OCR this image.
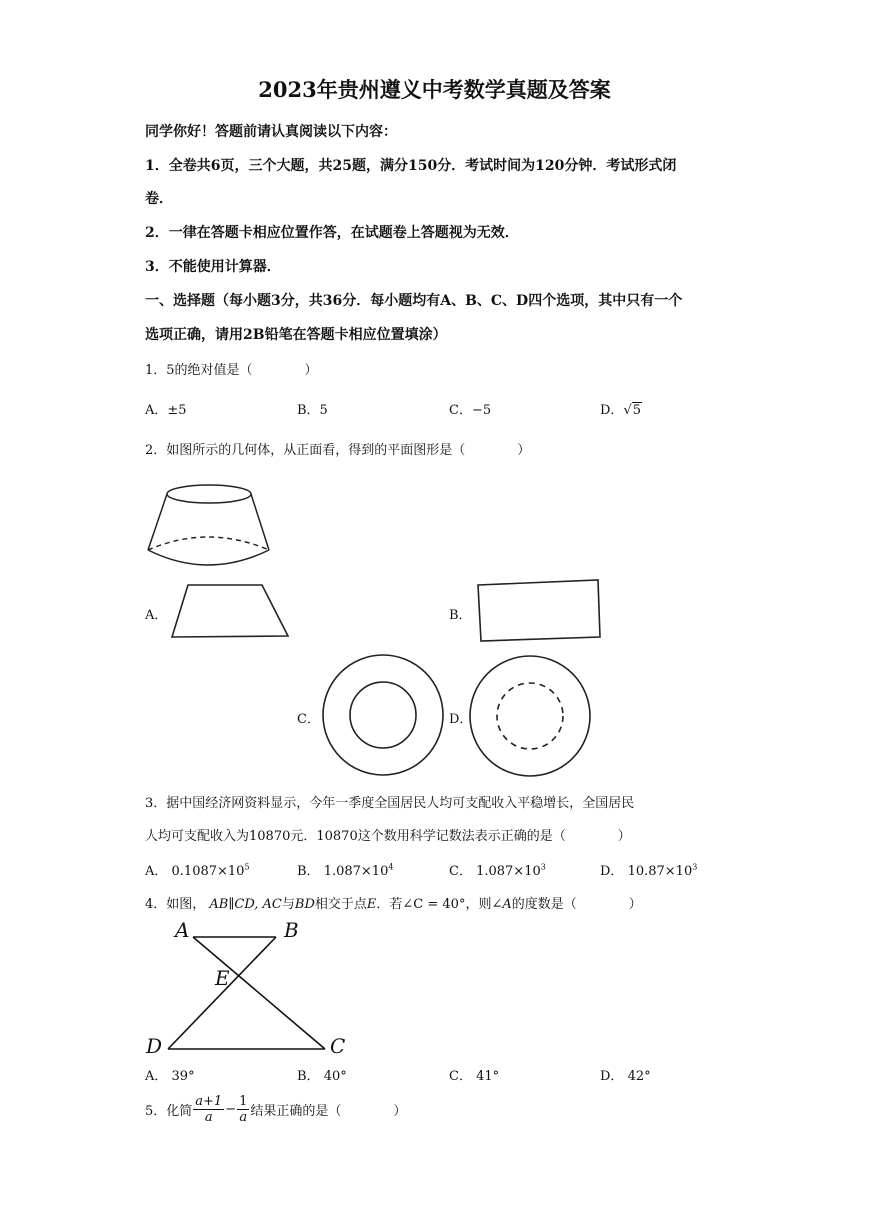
2023年贵州遵义中考数学真题及答案
同学你好！答题前请认真阅读以下内容：
1．全卷共6页，三个大题，共25题，满分150分．考试时间为120分钟．考试形式闭
卷．
2．一律在答题卡相应位置作答，在试题卷上答题视为无效．
3．不能使用计算器．
一、选择题（每小题3分，共36分．每小题均有A、B、C、D四个选项，其中只有一个
选项正确，请用2B铅笔在答题卡相应位置填涂）
1．5的绝对值是（　　　　）
A．±5	B．5	C．−5	D．√5
2．如图所示的几何体，从正面看，得到的平面图形是（　　　　）
A．	B．
C．	D．
3．据中国经济网资料显示，今年一季度全国居民人均可支配收入平稳增长，全国居民
人均可支配收入为10870元．10870这个数用科学记数法表示正确的是（　　　　）
A． $0.1087\times 10^5$	B． $1.087\times 10^4$	C． $1.087\times 10^3$	D． $10.87\times 10^3$
4．如图， AB∥CD, AC与BD相交于点E．若∠C = 40°，则∠A的度数是（　　　　）
A	B
E
D	C
A． 39°	B． 40°	C． 41°	D． 42°
5．化简 $\frac{a+1}{a} - \frac{1}{a}$ 结果正确的是（　　　　）
